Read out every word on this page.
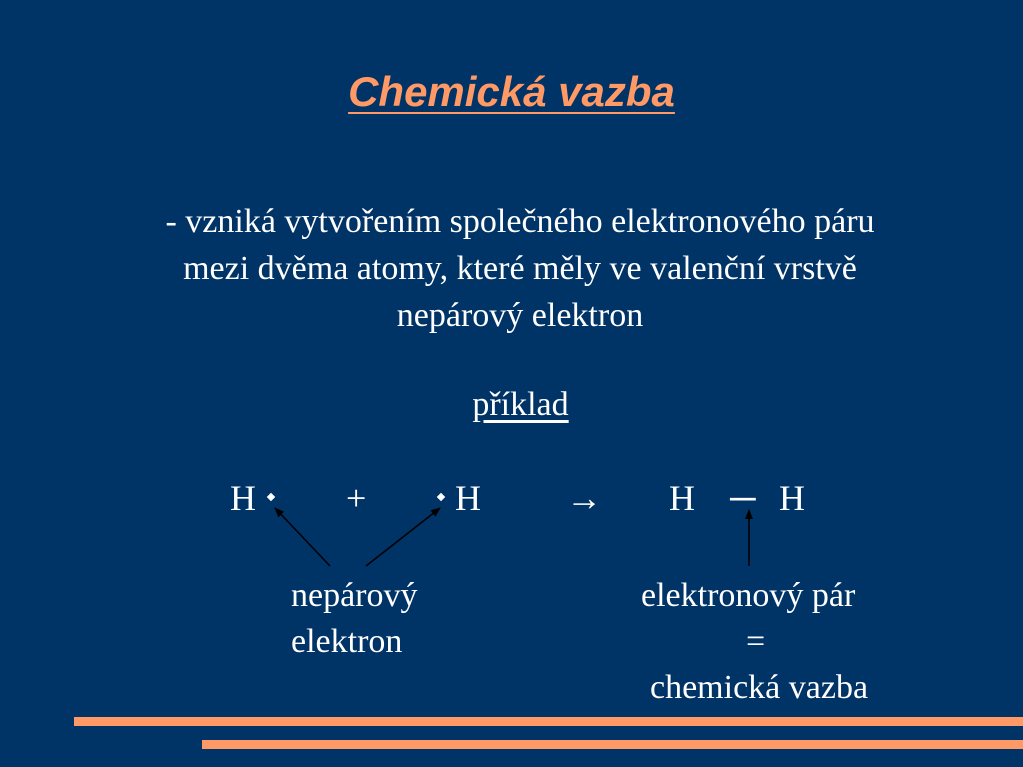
Chemická vazba
- vzniká vytvořením společného elektronového páru
mezi dvěma atomy, které měly ve valenční vrstvě
nepárový elektron
příklad
H	+ H → H ─ H
nepárový
elektron
elektronový pár
=
chemická vazba
